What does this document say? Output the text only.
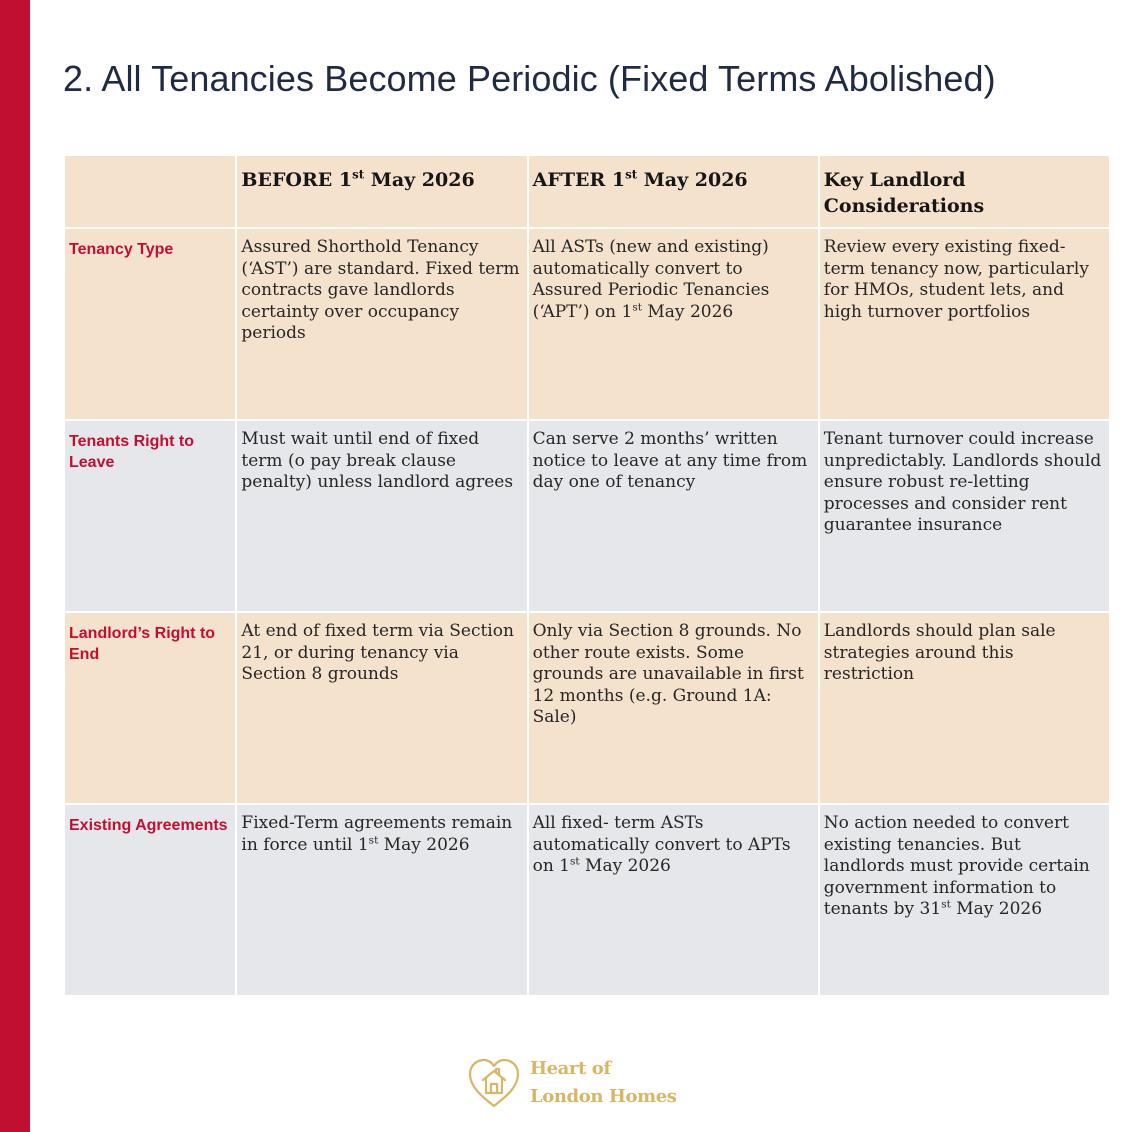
2. All Tenancies Become Periodic (Fixed Terms Abolished)
	BEFORE 1st May 2026	AFTER 1st May 2026	Key Landlord Considerations
Tenancy Type	Assured Shorthold Tenancy (‘AST’) are standard. Fixed term contracts gave landlords certainty over occupancy periods	All ASTs (new and existing) automatically convert to Assured Periodic Tenancies (‘APT’) on 1st May 2026	Review every existing fixed-term tenancy now, particularly for HMOs, student lets, and high turnover portfolios
Tenants Right to Leave	Must wait until end of fixed term (o pay break clause penalty) unless landlord agrees	Can serve 2 months’ written notice to leave at any time from day one of tenancy	Tenant turnover could increase unpredictably. Landlords should ensure robust re-letting processes and consider rent guarantee insurance
Landlord’s Right to End	At end of fixed term via Section 21, or during tenancy via Section 8 grounds	Only via Section 8 grounds. No other route exists. Some grounds are unavailable in first 12 months (e.g. Ground 1A: Sale)	Landlords should plan sale strategies around this restriction
Existing Agreements	Fixed-Term agreements remain in force until 1st May 2026	All fixed- term ASTs automatically convert to APTs on 1st May 2026	No action needed to convert existing tenancies. But landlords must provide certain government information to tenants by 31st May 2026
Heart of
London Homes
